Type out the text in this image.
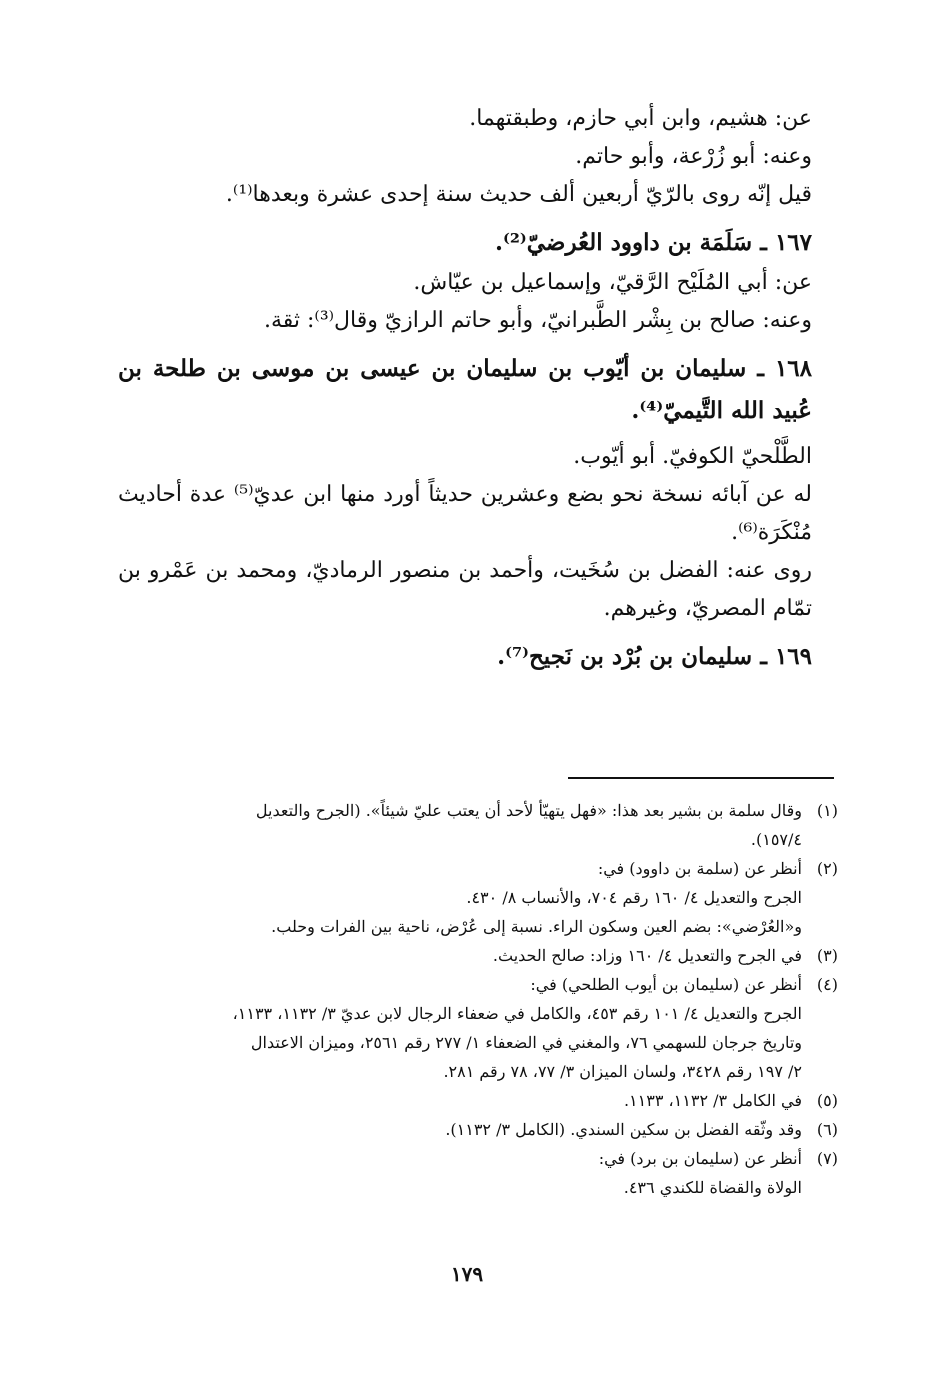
عن: هشيم، وابن أبي حازم، وطبقتهما.
وعنه: أبو زُرْعة، وأبو حاتم.
قيل إنّه روى بالرّيّ أربعين ألف حديث سنة إحدى عشرة وبعدها⁽¹⁾.
١٦٧ ـ سَلَمَة بن داوود العُرضيّ⁽²⁾.
عن: أبي المُلَيْح الرَّقيّ، وإسماعيل بن عيّاش.
وعنه: صالح بن بِشْر الطَّبرانيّ، وأبو حاتم الرازيّ وقال⁽³⁾: ثقة.
١٦٨ ـ سليمان بن أيّوب بن سليمان بن عيسى بن موسى بن طلحة بن عُبيد الله التَّيميّ⁽⁴⁾.
الطَّلْحيّ الكوفيّ. أبو أيّوب.
له عن آبائه نسخة نحو بضع وعشرين حديثاً أورد منها ابن عديّ⁽⁵⁾ عدة أحاديث مُنْكَرَة⁽⁶⁾.
روى عنه: الفضل بن سُخَيت، وأحمد بن منصور الرماديّ، ومحمد بن عَمْرو بن تمّام المصريّ، وغيرهم.
١٦٩ ـ سليمان بن بُرْد بن نَجيح⁽⁷⁾.
(١)
وقال سلمة بن بشير بعد هذا: «فهل يتهيّأ لأحد أن يعتب عليّ شيئاً». (الجرح والتعديل
١٥٧/٤).
(٢)
أنظر عن (سلمة بن داوود) في:
الجرح والتعديل ٤/ ١٦٠ رقم ٧٠٤، والأنساب ٨/ ٤٣٠.
و«العُرْضي»: بضم العين وسكون الراء. نسبة إلى عُرْض، ناحية بين الفرات وحلب.
(٣)
في الجرح والتعديل ٤/ ١٦٠ وزاد: صالح الحديث.
(٤)
أنظر عن (سليمان بن أيوب الطلحي) في:
الجرح والتعديل ٤/ ١٠١ رقم ٤٥٣، والكامل في ضعفاء الرجال لابن عديّ ٣/ ١١٣٢، ١١٣٣،
وتاريخ جرجان للسهمي ٧٦، والمغني في الضعفاء ١/ ٢٧٧ رقم ٢٥٦١، وميزان الاعتدال
٢/ ١٩٧ رقم ٣٤٢٨، ولسان الميزان ٣/ ٧٧، ٧٨ رقم ٢٨١.
(٥)
في الكامل ٣/ ١١٣٢، ١١٣٣.
(٦)
وقد وثّقه الفضل بن سكين السندي. (الكامل ٣/ ١١٣٢).
(٧)
أنظر عن (سليمان بن برد) في:
الولاة والقضاة للكندي ٤٣٦.
١٧٩
